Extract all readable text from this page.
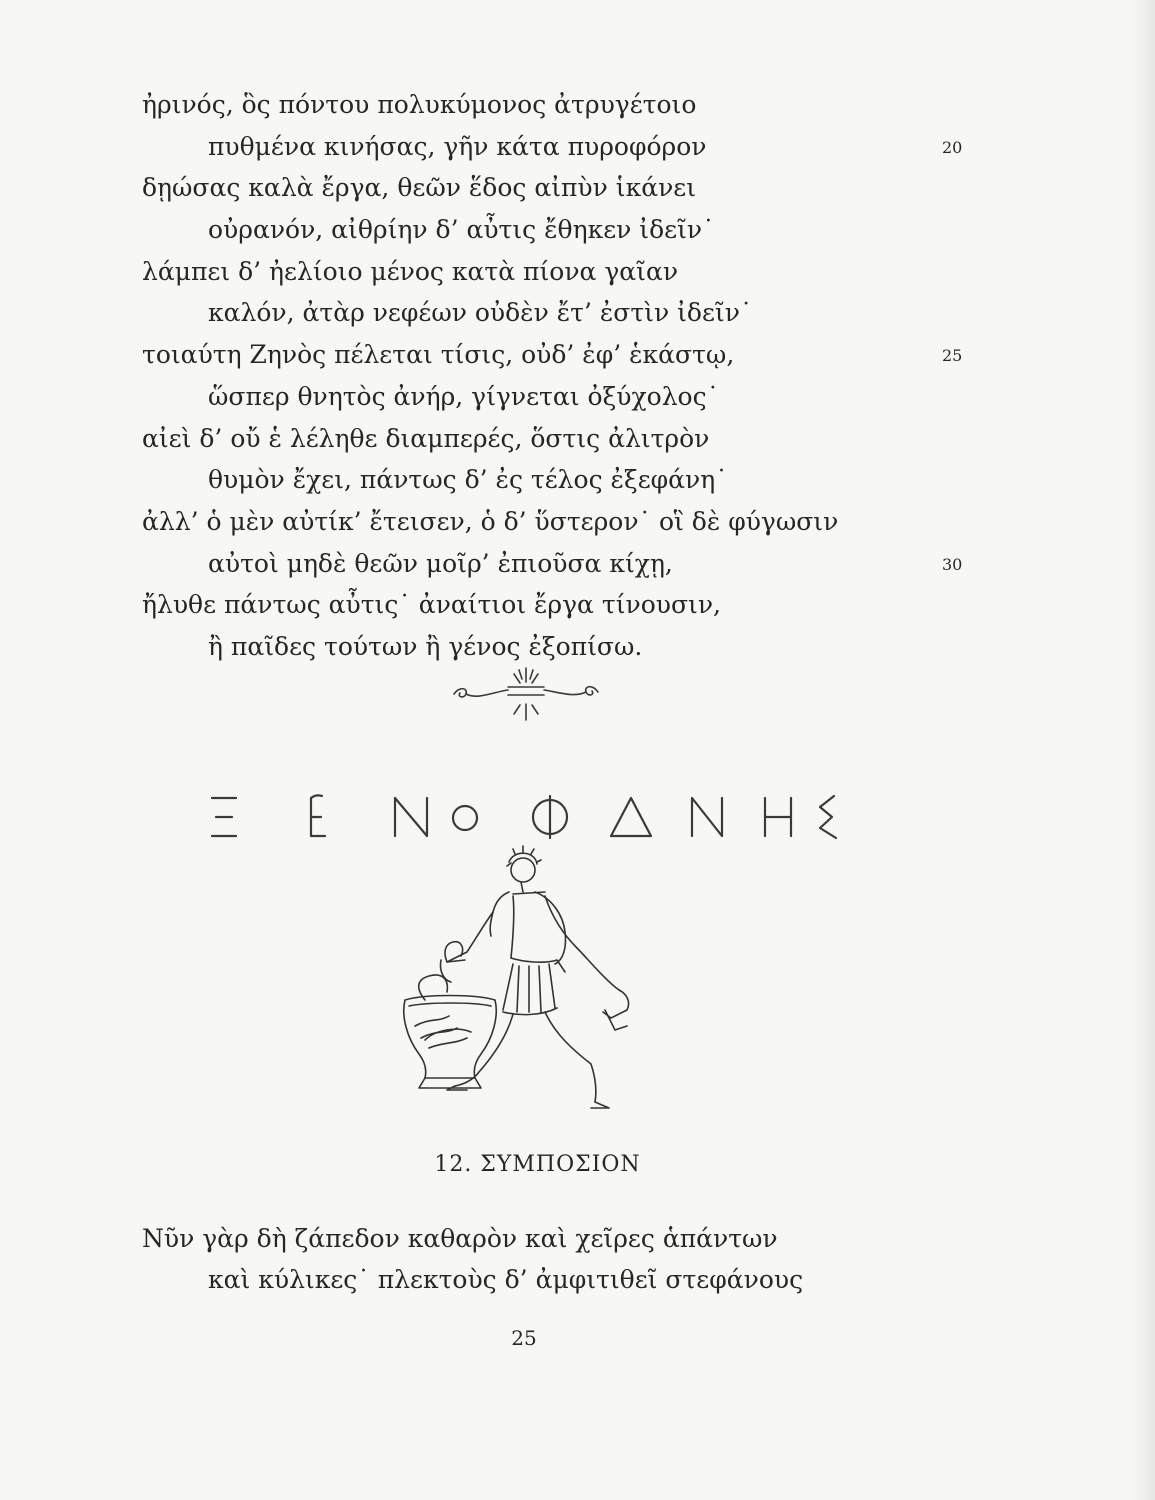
ἠρινός, ὃς πόντου πολυκύμονος ἀτρυγέτοιο
πυθμένα κινήσας, γῆν κάτα πυροφόρον	20
δῃώσας καλὰ ἔργα, θεῶν ἕδος αἰπὺν ἱκάνει
οὐρανόν, αἰθρίην δ’ αὖτις ἔθηκεν ἰδεῖν˙
λάμπει δ’ ἠελίοιο μένος κατὰ πίονα γαῖαν
καλόν, ἀτὰρ νεφέων οὐδὲν ἔτ’ ἐστὶν ἰδεῖν˙
τοιαύτη Ζηνὸς πέλεται τίσις, οὐδ’ ἐφ’ ἑκάστῳ,	25
ὥσπερ θνητὸς ἀνήρ, γίγνεται ὀξύχολος˙
αἰεὶ δ’ οὔ ἑ λέληθε διαμπερές, ὅστις ἀλιτρὸν
θυμὸν ἔχει, πάντως δ’ ἐς τέλος ἐξεφάνη˙
ἀλλ’ ὁ μὲν αὐτίκ’ ἔτεισεν, ὁ δ’ ὕστερον˙ οἳ δὲ φύγωσιν
αὐτοὶ μηδὲ θεῶν μοῖρ’ ἐπιοῦσα κίχῃ,	30
ἤλυθε πάντως αὖτις˙ ἀναίτιοι ἔργα τίνουσιν,
ἢ παῖδες τούτων ἢ γένος ἐξοπίσω.
12. ΣΥΜΠΟΣΙΟΝ
Νῦν γὰρ δὴ ζάπεδον καθαρὸν καὶ χεῖρες ἁπάντων
καὶ κύλικες˙ πλεκτοὺς δ’ ἀμφιτιθεῖ στεφάνους
25
